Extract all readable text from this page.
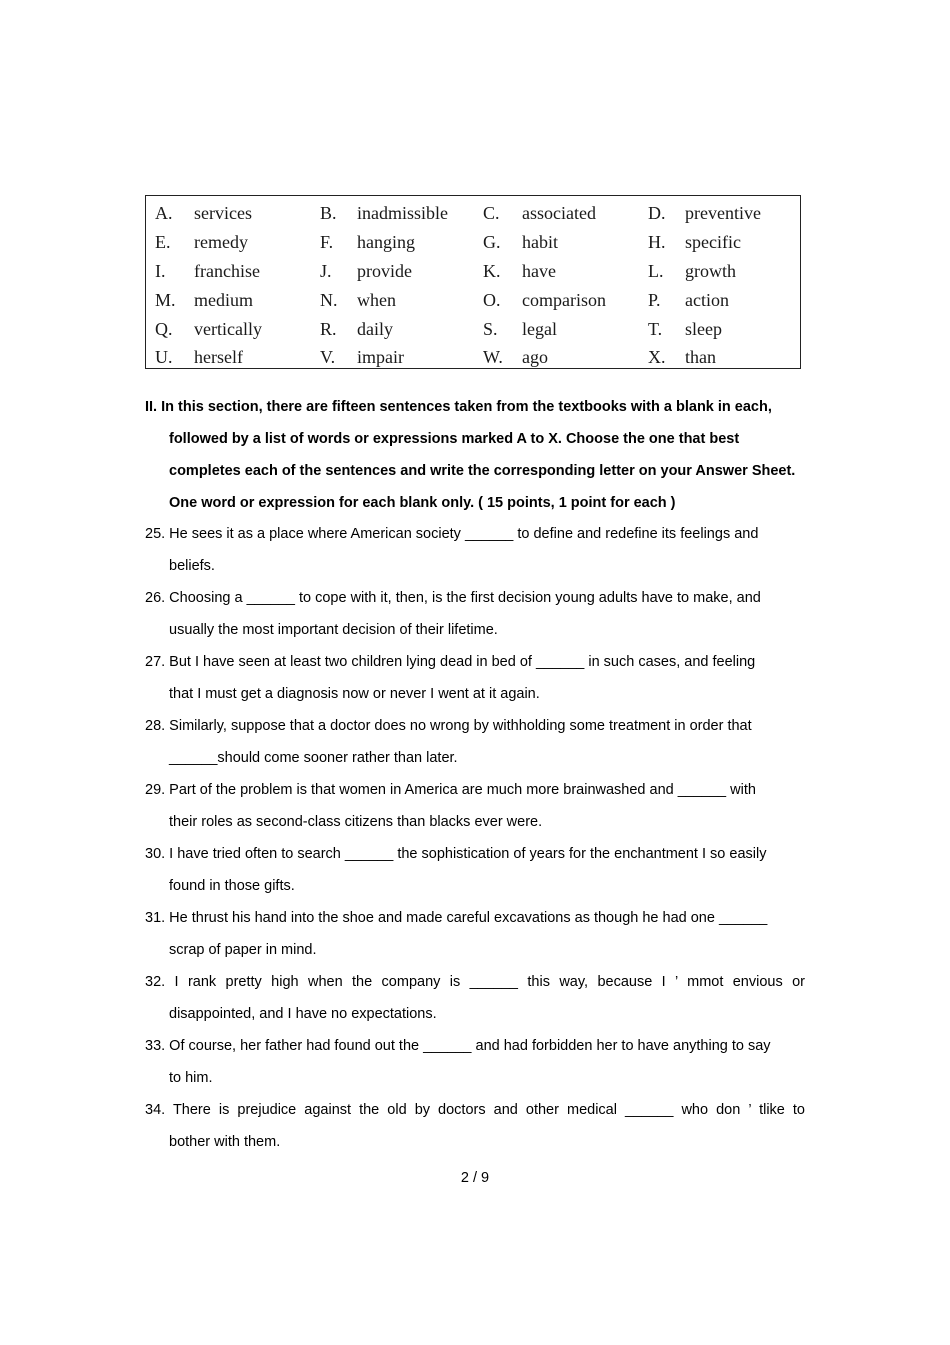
A. services	B. inadmissible C. associated	D. preventive
E. remedy	F. hanging	G. habit	H. specific
I. franchise	J. provide	K. have	L. growth
M. medium	N. when	O. comparison P. action
Q. vertically	R. daily	S. legal	T. sleep
U. herself	V. impair	W. ago	X. than
II. In this section, there are fifteen sentences taken from the textbooks with a blank in each,
followed by a list of words or expressions marked A to X. Choose the one that best
completes each of the sentences and write the corresponding letter on your Answer Sheet.
One word or expression for each blank only. ( 15 points, 1 point for each )
25. He sees it as a place where American society ______ to define and redefine its feelings and
beliefs.
26. Choosing a ______ to cope with it, then, is the first decision young adults have to make, and
usually the most important decision of their lifetime.
27. But I have seen at least two children lying dead in bed of ______ in such cases, and feeling
that I must get a diagnosis now or never I went at it again.
28. Similarly, suppose that a doctor does no wrong by withholding some treatment in order that
______should come sooner rather than later.
29. Part of the problem is that women in America are much more brainwashed and ______ with
their roles as second-class citizens than blacks ever were.
30. I have tried often to search ______ the sophistication of years for the enchantment I so easily
found in those gifts.
31. He thrust his hand into the shoe and made careful excavations as though he had one ______
scrap of paper in mind.
32. I rank pretty high when the company is ______ this way, because I ’ mmot envious or
disappointed, and I have no expectations.
33. Of course, her father had found out the ______ and had forbidden her to have anything to say
to him.
34. There is prejudice against the old by doctors and other medical ______ who don ’ tlike to
bother with them.
2 / 9
